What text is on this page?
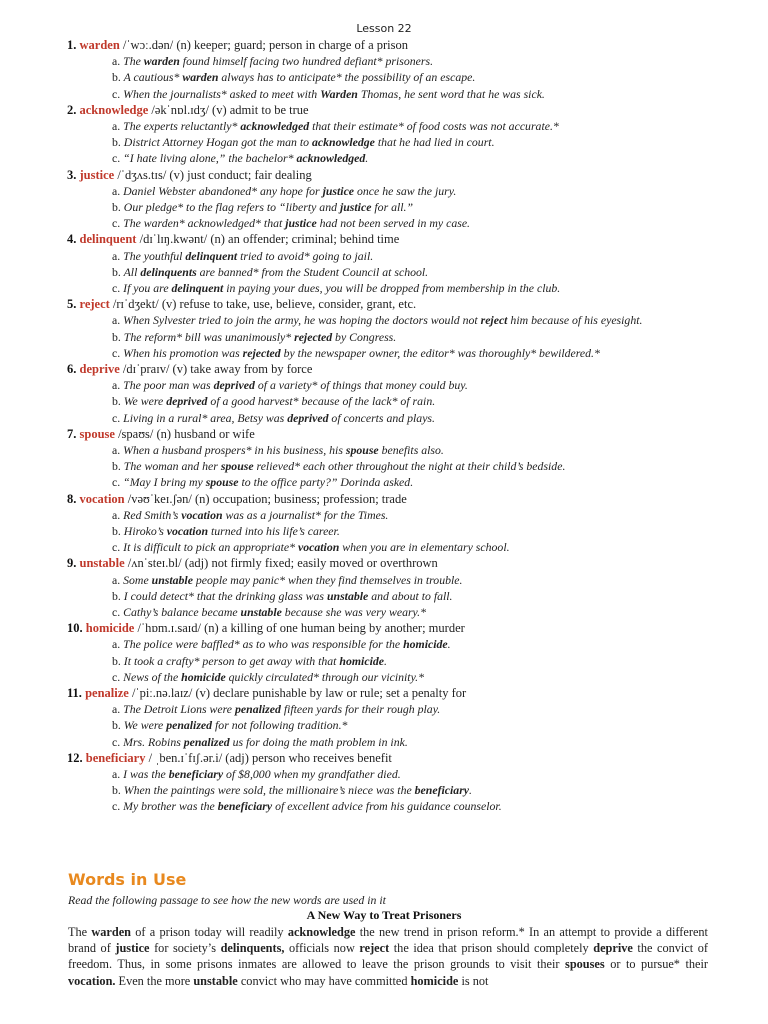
Lesson 22
1. warden /ˈwɔː.dən/ (n) keeper; guard; person in charge of a prison
a. The warden found himself facing two hundred defiant* prisoners.
b. A cautious* warden always has to anticipate* the possibility of an escape.
c. When the journalists* asked to meet with Warden Thomas, he sent word that he was sick.
2. acknowledge /əkˈnɒl.ɪdʒ/ (v) admit to be true
a. The experts reluctantly* acknowledged that their estimate* of food costs was not accurate.*
b. District Attorney Hogan got the man to acknowledge that he had lied in court.
c. “I hate living alone,” the bachelor* acknowledged.
3. justice /ˈdʒʌs.tɪs/ (v) just conduct; fair dealing
a. Daniel Webster abandoned* any hope for justice once he saw the jury.
b. Our pledge* to the flag refers to “liberty and justice for all.”
c. The warden* acknowledged* that justice had not been served in my case.
4. delinquent /dɪˈlɪŋ.kwənt/ (n) an offender; criminal; behind time
a. The youthful delinquent tried to avoid* going to jail.
b. All delinquents are banned* from the Student Council at school.
c. If you are delinquent in paying your dues, you will be dropped from membership in the club.
5. reject /rɪˈdʒekt/ (v) refuse to take, use, believe, consider, grant, etc.
a. When Sylvester tried to join the army, he was hoping the doctors would not reject him because of his eyesight.
b. The reform* bill was unanimously* rejected by Congress.
c. When his promotion was rejected by the newspaper owner, the editor* was thoroughly* bewildered.*
6. deprive /dɪˈpraɪv/ (v) take away from by force
a. The poor man was deprived of a variety* of things that money could buy.
b. We were deprived of a good harvest* because of the lack* of rain.
c. Living in a rural* area, Betsy was deprived of concerts and plays.
7. spouse /spaʊs/ (n) husband or wife
a. When a husband prospers* in his business, his spouse benefits also.
b. The woman and her spouse relieved* each other throughout the night at their child’s bedside.
c. “May I bring my spouse to the office party?” Dorinda asked.
8. vocation /vəʊˈkeɪ.ʃən/ (n) occupation; business; profession; trade
a. Red Smith’s vocation was as a journalist* for the Times.
b. Hiroko’s vocation turned into his life’s career.
c. It is difficult to pick an appropriate* vocation when you are in elementary school.
9. unstable /ʌnˈsteɪ.bl/ (adj) not firmly fixed; easily moved or overthrown
a. Some unstable people may panic* when they find themselves in trouble.
b. I could detect* that the drinking glass was unstable and about to fall.
c. Cathy’s balance became unstable because she was very weary.*
10. homicide /ˈhɒm.ɪ.saɪd/ (n) a killing of one human being by another; murder
a. The police were baffled* as to who was responsible for the homicide.
b. It took a crafty* person to get away with that homicide.
c. News of the homicide quickly circulated* through our vicinity.*
11. penalize /ˈpiː.nə.laɪz/ (v) declare punishable by law or rule; set a penalty for
a. The Detroit Lions were penalized fifteen yards for their rough play.
b. We were penalized for not following tradition.*
c. Mrs. Robins penalized us for doing the math problem in ink.
12. beneficiary / ˌben.ɪˈfɪʃ.ər.i/ (adj) person who receives benefit
a. I was the beneficiary of $8,000 when my grandfather died.
b. When the paintings were sold, the millionaire’s niece was the beneficiary.
c. My brother was the beneficiary of excellent advice from his guidance counselor.
Words in Use
Read the following passage to see how the new words are used in it
A New Way to Treat Prisoners
The warden of a prison today will readily acknowledge the new trend in prison reform.* In an attempt to provide a different brand of justice for society’s delinquents, officials now reject the idea that prison should completely deprive the convict of freedom. Thus, in some prisons inmates are allowed to leave the prison grounds to visit their spouses or to pursue* their vocation. Even the more unstable convict who may have committed homicide is not
